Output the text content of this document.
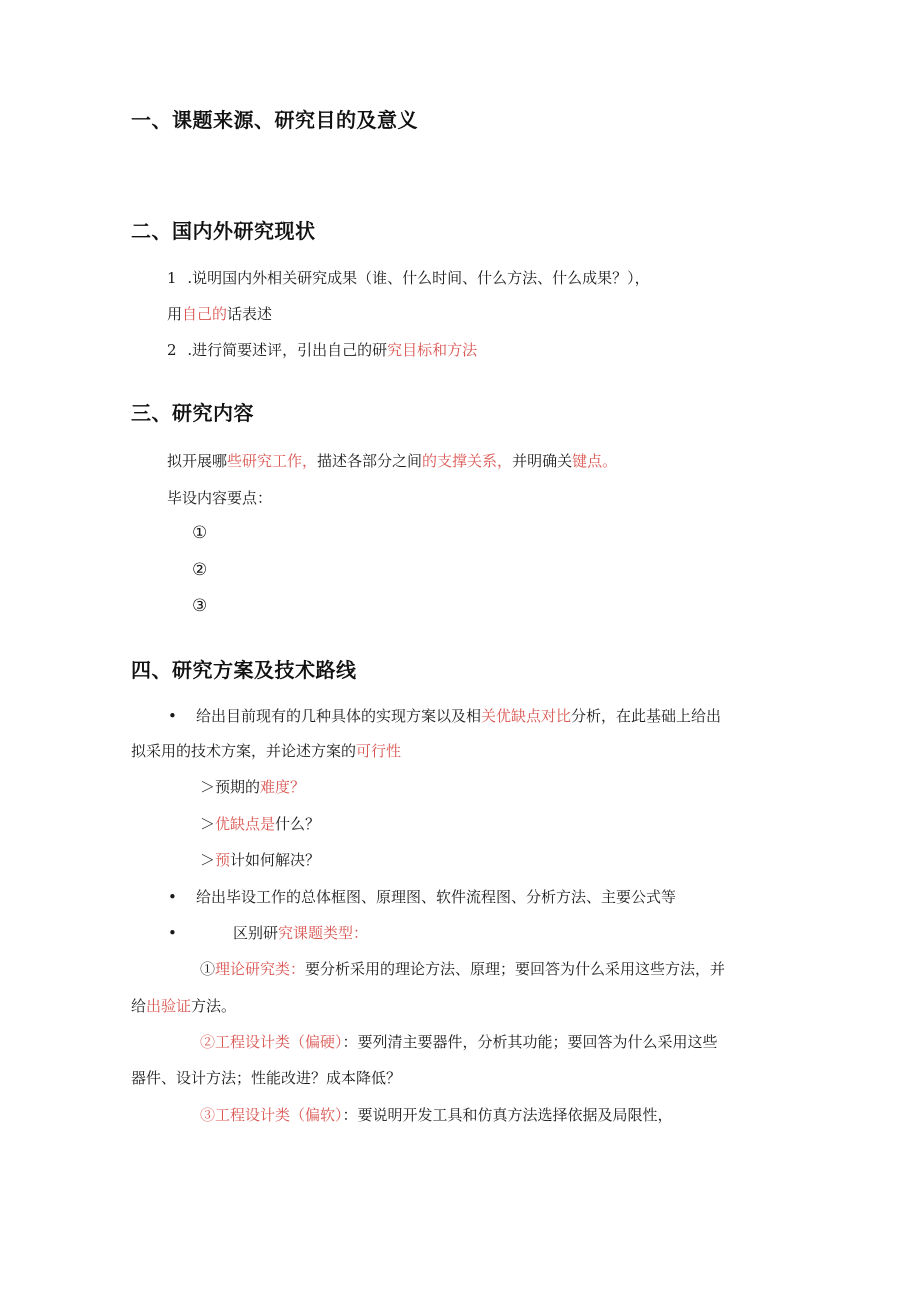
一、课题来源、研究目的及意义
二、国内外研究现状
1 .说明国内外相关研究成果（谁、什么时间、什么方法、什么成果？），
用自己的话表述
2 .进行简要述评，引出自己的研究目标和方法
三、研究内容
拟开展哪些研究工作，描述各部分之间的支撑关系，并明确关键点。
毕设内容要点：
①
②
③
四、研究方案及技术路线
• 给出目前现有的几种具体的实现方案以及相关优缺点对比分析，在此基础上给出
拟采用的技术方案，并论述方案的可行性
＞预期的难度？
＞优缺点是什么？
＞预计如何解决？
• 给出毕设工作的总体框图、原理图、软件流程图、分析方法、主要公式等
•	区别研究课题类型：
①理论研究类：要分析采用的理论方法、原理；要回答为什么采用这些方法，并
给出验证方法。
②工程设计类（偏硬）：要列清主要器件，分析其功能；要回答为什么采用这些
器件、设计方法；性能改进？成本降低？
③工程设计类（偏软）：要说明开发工具和仿真方法选择依据及局限性，
